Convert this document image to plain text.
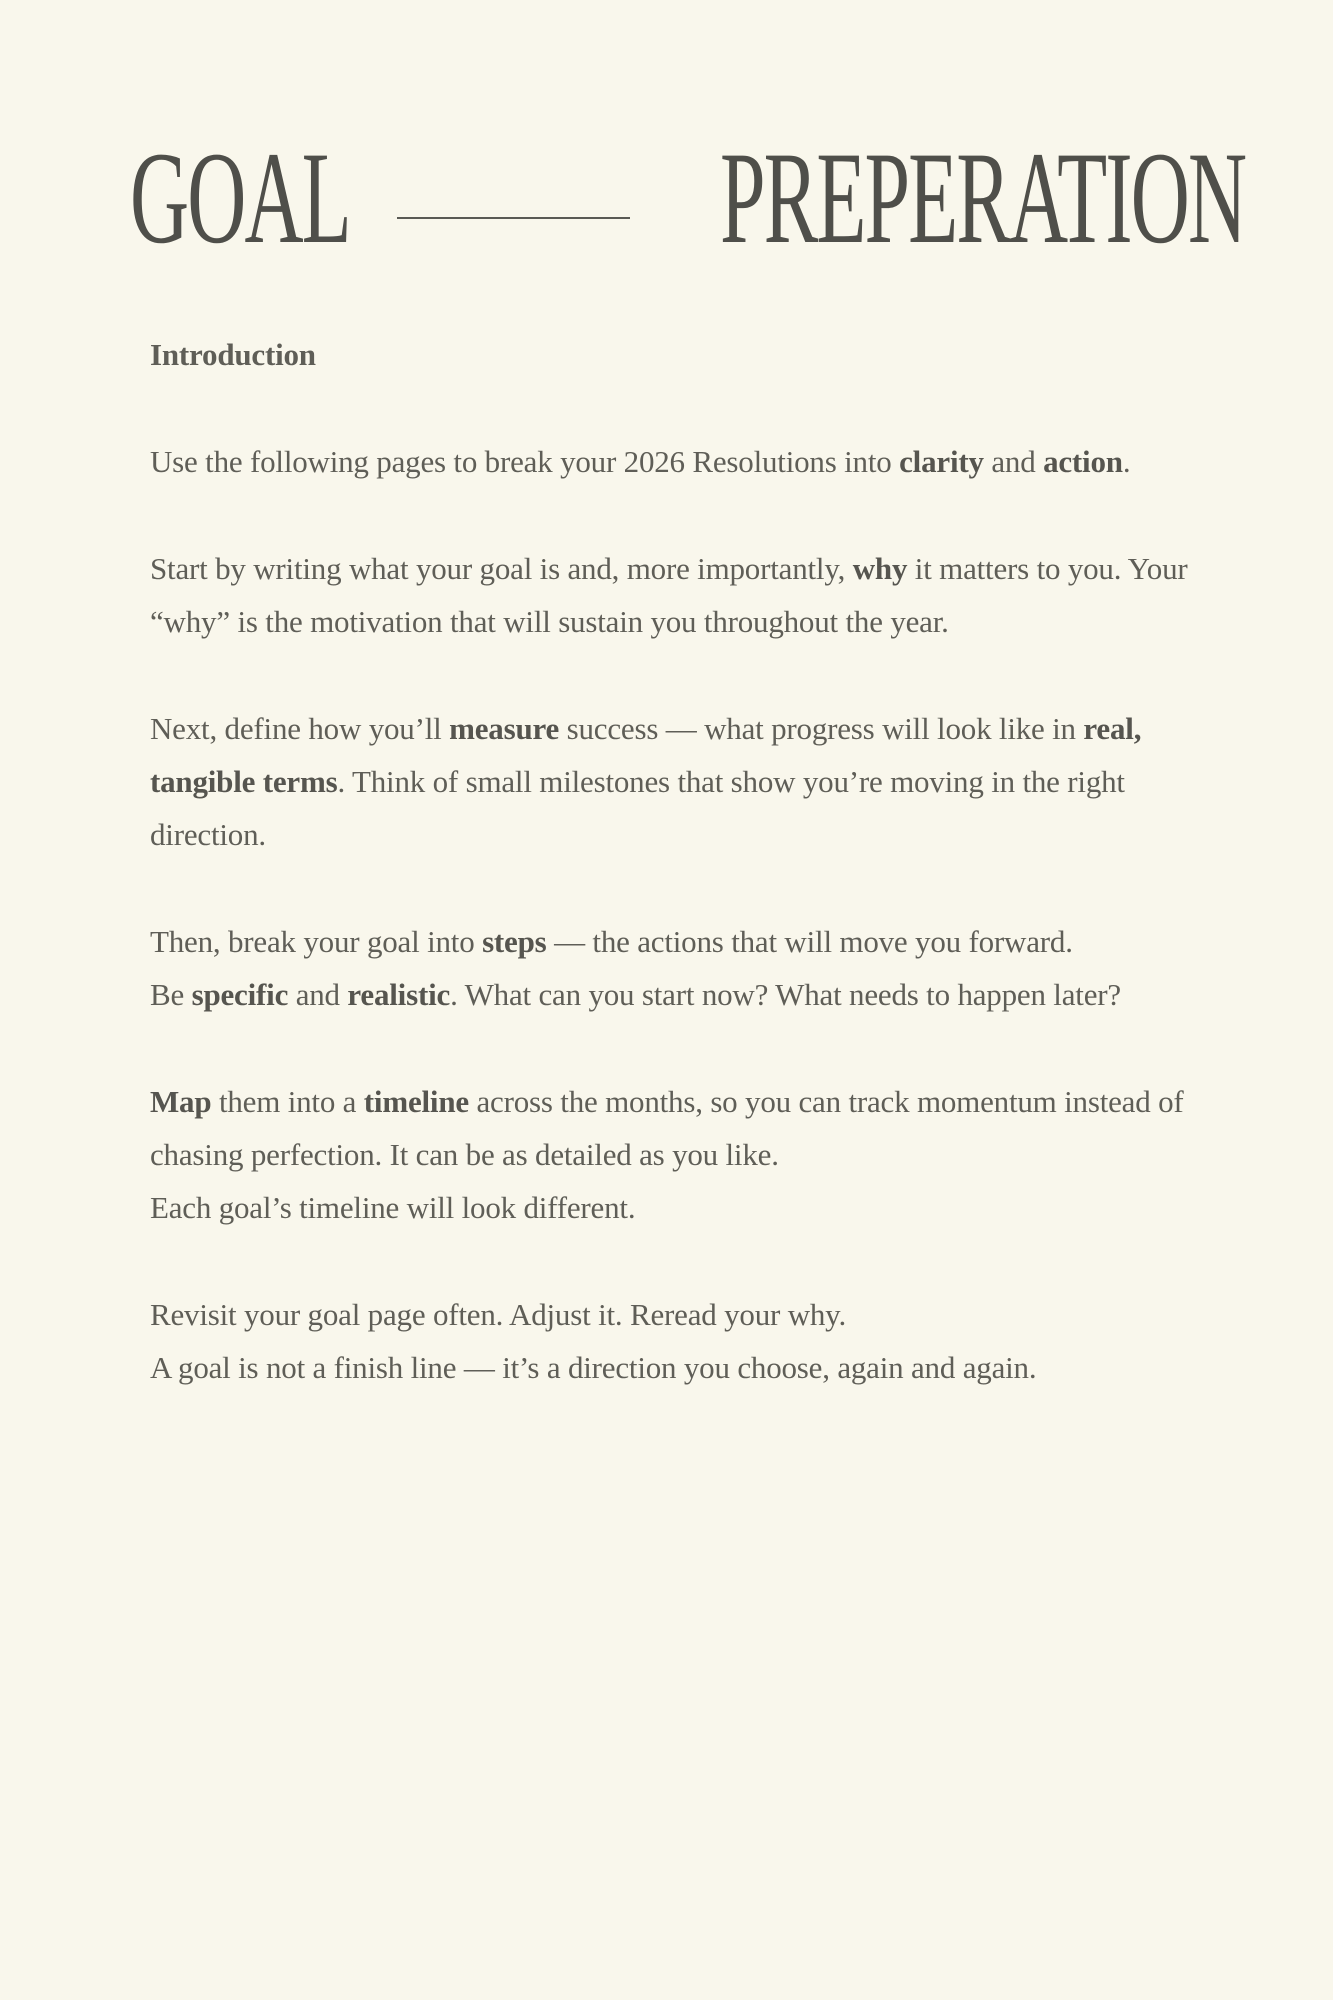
GOAL	PREPERATION
Introduction

Use the following pages to break your 2026 Resolutions into clarity and action.

Start by writing what your goal is and, more importantly, why it matters to you. Your “why” is the motivation that will sustain you throughout the year.

Next, define how you’ll measure success — what progress will look like in real, tangible terms. Think of small milestones that show you’re moving in the right direction.

Then, break your goal into steps — the actions that will move you forward.
Be specific and realistic. What can you start now? What needs to happen later?

Map them into a timeline across the months, so you can track momentum instead of chasing perfection. It can be as detailed as you like.
Each goal’s timeline will look different.

Revisit your goal page often. Adjust it. Reread your why.
A goal is not a finish line — it’s a direction you choose, again and again.
